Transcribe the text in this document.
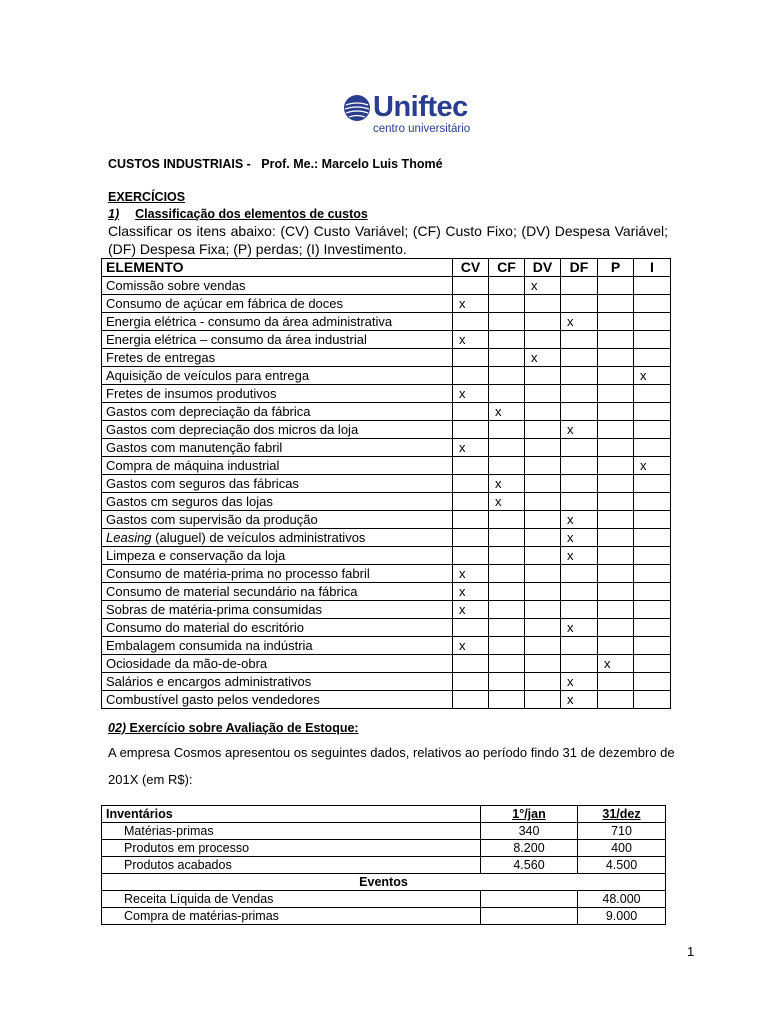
Uniftec
centro universitário
CUSTOS INDUSTRIAIS -   Prof. Me.: Marcelo Luis Thomé
EXERCÍCIOS
1) Classificação dos elementos de custos
Classificar os itens abaixo: (CV) Custo Variável; (CF) Custo Fixo; (DV) Despesa Variável; (DF) Despesa Fixa; (P) perdas; (I) Investimento.
ELEMENTO	CV	CF	DV	DF	P	I
Comissão sobre vendas			x			
Consumo de açúcar em fábrica de doces	x					
Energia elétrica - consumo da área administrativa				x		
Energia elétrica – consumo da área industrial	x					
Fretes de entregas			x			
Aquisição de veículos para entrega						x
Fretes de insumos produtivos	x					
Gastos com depreciação da fábrica		x				
Gastos com depreciação dos micros da loja				x		
Gastos com manutenção fabril	x					
Compra de máquina industrial						x
Gastos com seguros das fábricas		x				
Gastos cm seguros das lojas		x				
Gastos com supervisão da produção				x		
Leasing (aluguel) de veículos administrativos				x		
Limpeza e conservação da loja				x		
Consumo de matéria-prima no processo fabril	x					
Consumo de material secundário na fábrica	x					
Sobras de matéria-prima consumidas	x					
Consumo do material do escritório				x		
Embalagem consumida na indústria	x					
Ociosidade da mão-de-obra					x	
Salários e encargos administrativos				x		
Combustível gasto pelos vendedores				x		
02) Exercício sobre Avaliação de Estoque:
A empresa Cosmos apresentou os seguintes dados, relativos ao período findo 31 de dezembro de 201X (em R$):
Inventários	1°/jan	31/dez
Matérias-primas	340	710
Produtos em processo	8.200	400
Produtos acabados	4.560	4.500
Eventos		
Receita Líquida de Vendas		48.000
Compra de matérias-primas		9.000
1
